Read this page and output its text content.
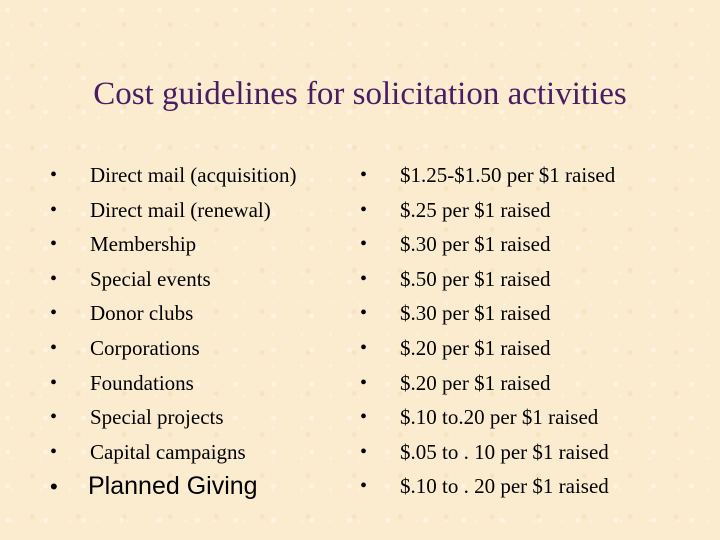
Cost guidelines for solicitation activities
• Direct mail (acquisition)
• Direct mail (renewal)
• Membership
• Special events
• Donor clubs
• Corporations
• Foundations
• Special projects
• Capital campaigns
• Planned Giving
• $1.25-$1.50 per $1 raised
• $.25 per $1 raised
• $.30 per $1 raised
• $.50 per $1 raised
• $.30 per $1 raised
• $.20 per $1 raised
• $.20 per $1 raised
• $.10 to.20 per $1 raised
• $.05 to . 10 per $1 raised
• $.10 to . 20 per $1 raised
